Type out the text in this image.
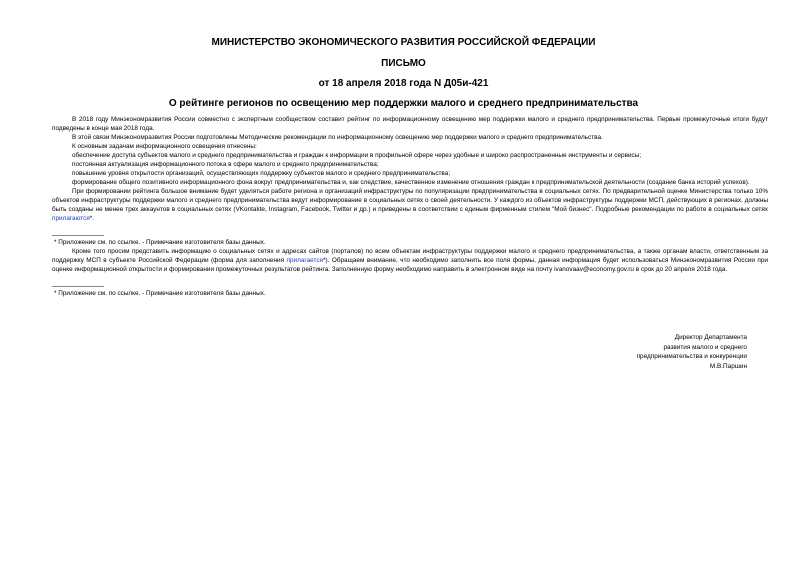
МИНИСТЕРСТВО ЭКОНОМИЧЕСКОГО РАЗВИТИЯ РОССИЙСКОЙ ФЕДЕРАЦИИ
ПИСЬМО
от 18 апреля 2018 года N Д05и-421
О рейтинге регионов по освещению мер поддержки малого и среднего предпринимательства

В 2018 году Минэкономразвития России совместно с экспертным сообществом составит рейтинг по информационному освещению мер поддержки малого и среднего предпринимательства. Первые промежуточные итоги будут подведены в конце мая 2018 года.

В этой связи Минэкономразвития России подготовлены Методические рекомендации по информационному освещению мер поддержки малого и среднего предпринимательства.

К основным задачам информационного освещения отнесены:

обеспечение доступа субъектов малого и среднего предпринимательства и граждан к информации в профильной сфере через удобные и широко распространенные инструменты и сервисы;

постоянная актуализация информационного потока в сфере малого и среднего предпринимательства;

повышение уровня открытости организаций, осуществляющих поддержку субъектов малого и среднего предпринимательства;

формирование общего позитивного информационного фона вокруг предпринимательства и, как следствие, качественное изменение отношения граждан к предпринимательской деятельности (создание банка историй успехов).

При формировании рейтинга большое внимание будет уделяться работе региона и организаций инфраструктуры по популяризации предпринимательства в социальных сетях. По предварительной оценке Министерства только 10% объектов инфраструктуры поддержки малого и среднего предпринимательства ведут информирование в социальных сетях о своей деятельности. У каждого из объектов инфраструктуры поддержки МСП, действующих в регионах, должны быть созданы не менее трех аккаунтов в социальных сетях (VKontakte, Instagram, Facebook, Twitter и др.) и приведены в соответствии с единым фирменным стилем "Мой бизнес". Подробные рекомендации по работе в социальных сетях прилагаются*.

* Приложение см. по ссылке. - Примечание изготовителя базы данных.

Кроме того просим представить информацию о социальных сетях и адресах сайтов (порталов) по всем объектам инфраструктуры поддержки малого и среднего предпринимательства, а также органам власти, ответственным за поддержку МСП в субъекте Российской Федерации (форма для заполнения прилагается*). Обращаем внимание, что необходимо заполнить все поля формы, данная информация будет использоваться Минэкономразвития России при оценке информационной открытости и формировании промежуточных результатов рейтинга. Заполненную форму необходимо направить в электронном виде на почту ivanovaav@economy.gov.ru в срок до 20 апреля 2018 года.

* Приложение см. по ссылке. - Примечание изготовителя базы данных.

Директор Департамента
развития малого и среднего
предпринимательства и конкуренции
М.В.Паршин
